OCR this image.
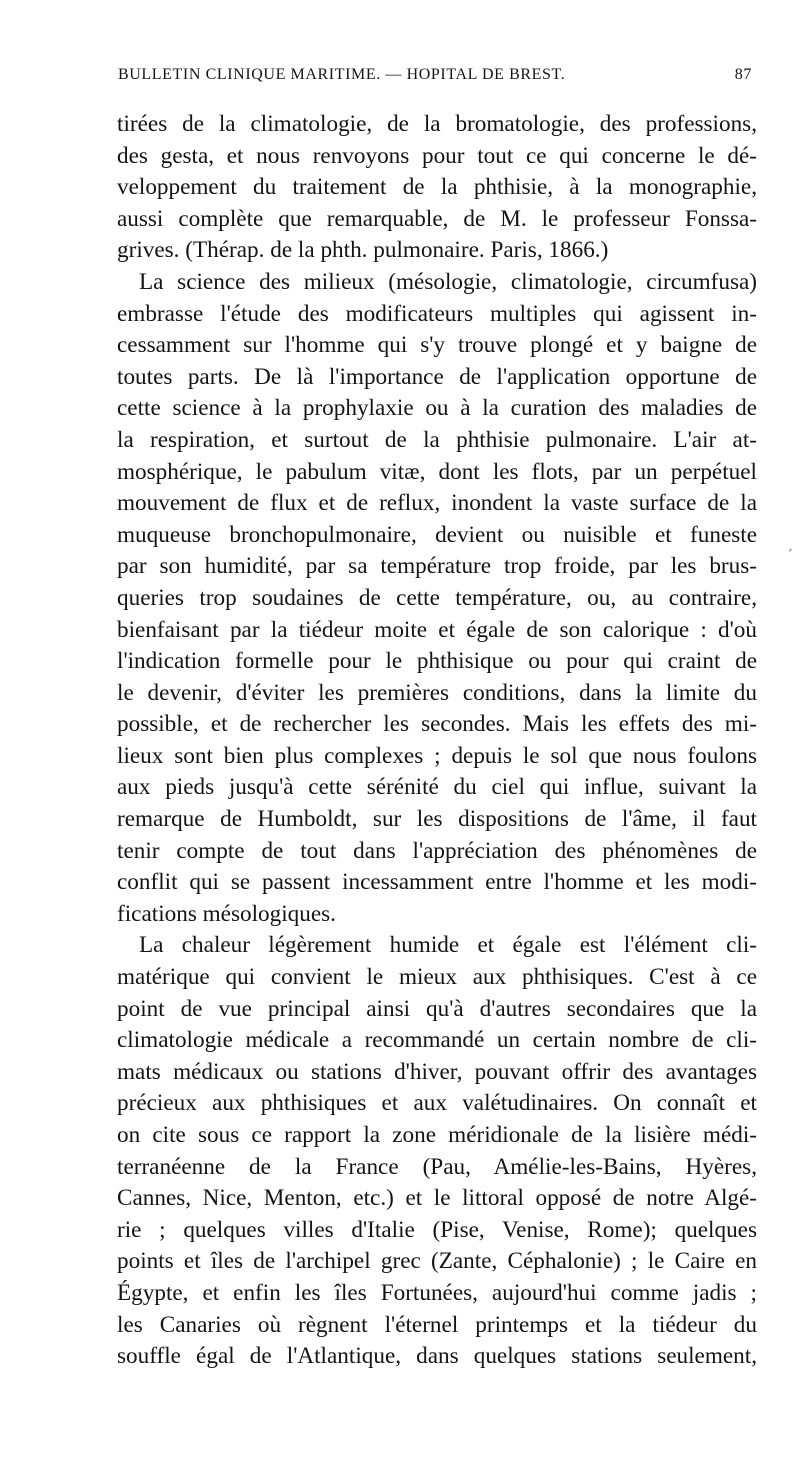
BULLETIN CLINIQUE MARITIME. — HOPITAL DE BREST.	87
tirées de la climatologie, de la bromatologie, des professions,
des gesta, et nous renvoyons pour tout ce qui concerne le dé-
veloppement du traitement de la phthisie, à la monographie,
aussi complète que remarquable, de M. le professeur Fonssa-
grives. (Thérap. de la phth. pulmonaire. Paris, 1866.)
La science des milieux (mésologie, climatologie, circumfusa)
embrasse l'étude des modificateurs multiples qui agissent in-
cessamment sur l'homme qui s'y trouve plongé et y baigne de
toutes parts. De là l'importance de l'application opportune de
cette science à la prophylaxie ou à la curation des maladies de
la respiration, et surtout de la phthisie pulmonaire. L'air at-
mosphérique, le pabulum vitæ, dont les flots, par un perpétuel
mouvement de flux et de reflux, inondent la vaste surface de la
muqueuse bronchopulmonaire, devient ou nuisible et funeste
par son humidité, par sa température trop froide, par les brus-
queries trop soudaines de cette température, ou, au contraire,
bienfaisant par la tiédeur moite et égale de son calorique : d'où
l'indication formelle pour le phthisique ou pour qui craint de
le devenir, d'éviter les premières conditions, dans la limite du
possible, et de rechercher les secondes. Mais les effets des mi-
lieux sont bien plus complexes ; depuis le sol que nous foulons
aux pieds jusqu'à cette sérénité du ciel qui influe, suivant la
remarque de Humboldt, sur les dispositions de l'âme, il faut
tenir compte de tout dans l'appréciation des phénomènes de
conflit qui se passent incessamment entre l'homme et les modi-
fications mésologiques.
La chaleur légèrement humide et égale est l'élément cli-
matérique qui convient le mieux aux phthisiques. C'est à ce
point de vue principal ainsi qu'à d'autres secondaires que la
climatologie médicale a recommandé un certain nombre de cli-
mats médicaux ou stations d'hiver, pouvant offrir des avantages
précieux aux phthisiques et aux valétudinaires. On connaît et
on cite sous ce rapport la zone méridionale de la lisière médi-
terranéenne de la France (Pau, Amélie-les-Bains, Hyères,
Cannes, Nice, Menton, etc.) et le littoral opposé de notre Algé-
rie ; quelques villes d'Italie (Pise, Venise, Rome); quelques
points et îles de l'archipel grec (Zante, Céphalonie) ; le Caire en
Égypte, et enfin les îles Fortunées, aujourd'hui comme jadis ;
les Canaries où règnent l'éternel printemps et la tiédeur du
souffle égal de l'Atlantique, dans quelques stations seulement,
´
